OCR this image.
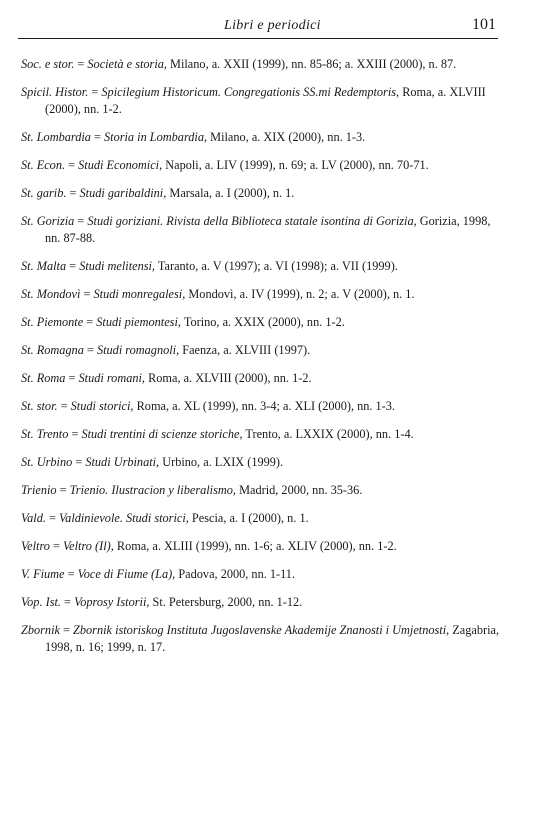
Libri e periodici	101

Soc. e stor. = Società e storia, Milano, a. XXII (1999), nn. 85-86; a. XXIII (2000), n. 87.

Spicil. Histor. = Spicilegium Historicum. Congregationis SS.mi Redemptoris, Roma, a. XLVIII (2000), nn. 1-2.

St. Lombardia = Storia in Lombardia, Milano, a. XIX (2000), nn. 1-3.

St. Econ. = Studi Economici, Napoli, a. LIV (1999), n. 69; a. LV (2000), nn. 70-71.

St. garib. = Studi garibaldini, Marsala, a. I (2000), n. 1.

St. Gorizia = Studi goriziani. Rivista della Biblioteca statale isontina di Gorizia, Gorizia, 1998, nn. 87-88.

St. Malta = Studi melitensi, Taranto, a. V (1997); a. VI (1998); a. VII (1999).

St. Mondovì = Studi monregalesi, Mondovì, a. IV (1999), n. 2; a. V (2000), n. 1.

St. Piemonte = Studi piemontesi, Torino, a. XXIX (2000), nn. 1-2.

St. Romagna = Studi romagnoli, Faenza, a. XLVIII (1997).

St. Roma = Studi romani, Roma, a. XLVIII (2000), nn. 1-2.

St. stor. = Studi storici, Roma, a. XL (1999), nn. 3-4; a. XLI (2000), nn. 1-3.

St. Trento = Studi trentini di scienze storiche, Trento, a. LXXIX (2000), nn. 1-4.

St. Urbino = Studi Urbinati, Urbino, a. LXIX (1999).

Trienio = Trienio. Ilustracion y liberalismo, Madrid, 2000, nn. 35-36.

Vald. = Valdinievole. Studi storici, Pescia, a. I (2000), n. 1.

Veltro = Veltro (Il), Roma, a. XLIII (1999), nn. 1-6; a. XLIV (2000), nn. 1-2.

V. Fiume = Voce di Fiume (La), Padova, 2000, nn. 1-11.

Vop. Ist. = Voprosy Istorii, St. Petersburg, 2000, nn. 1-12.

Zbornik = Zbornik istoriskog Instituta Jugoslavenske Akademije Znanosti i Umjetnosti, Zagabria, 1998, n. 16; 1999, n. 17.
